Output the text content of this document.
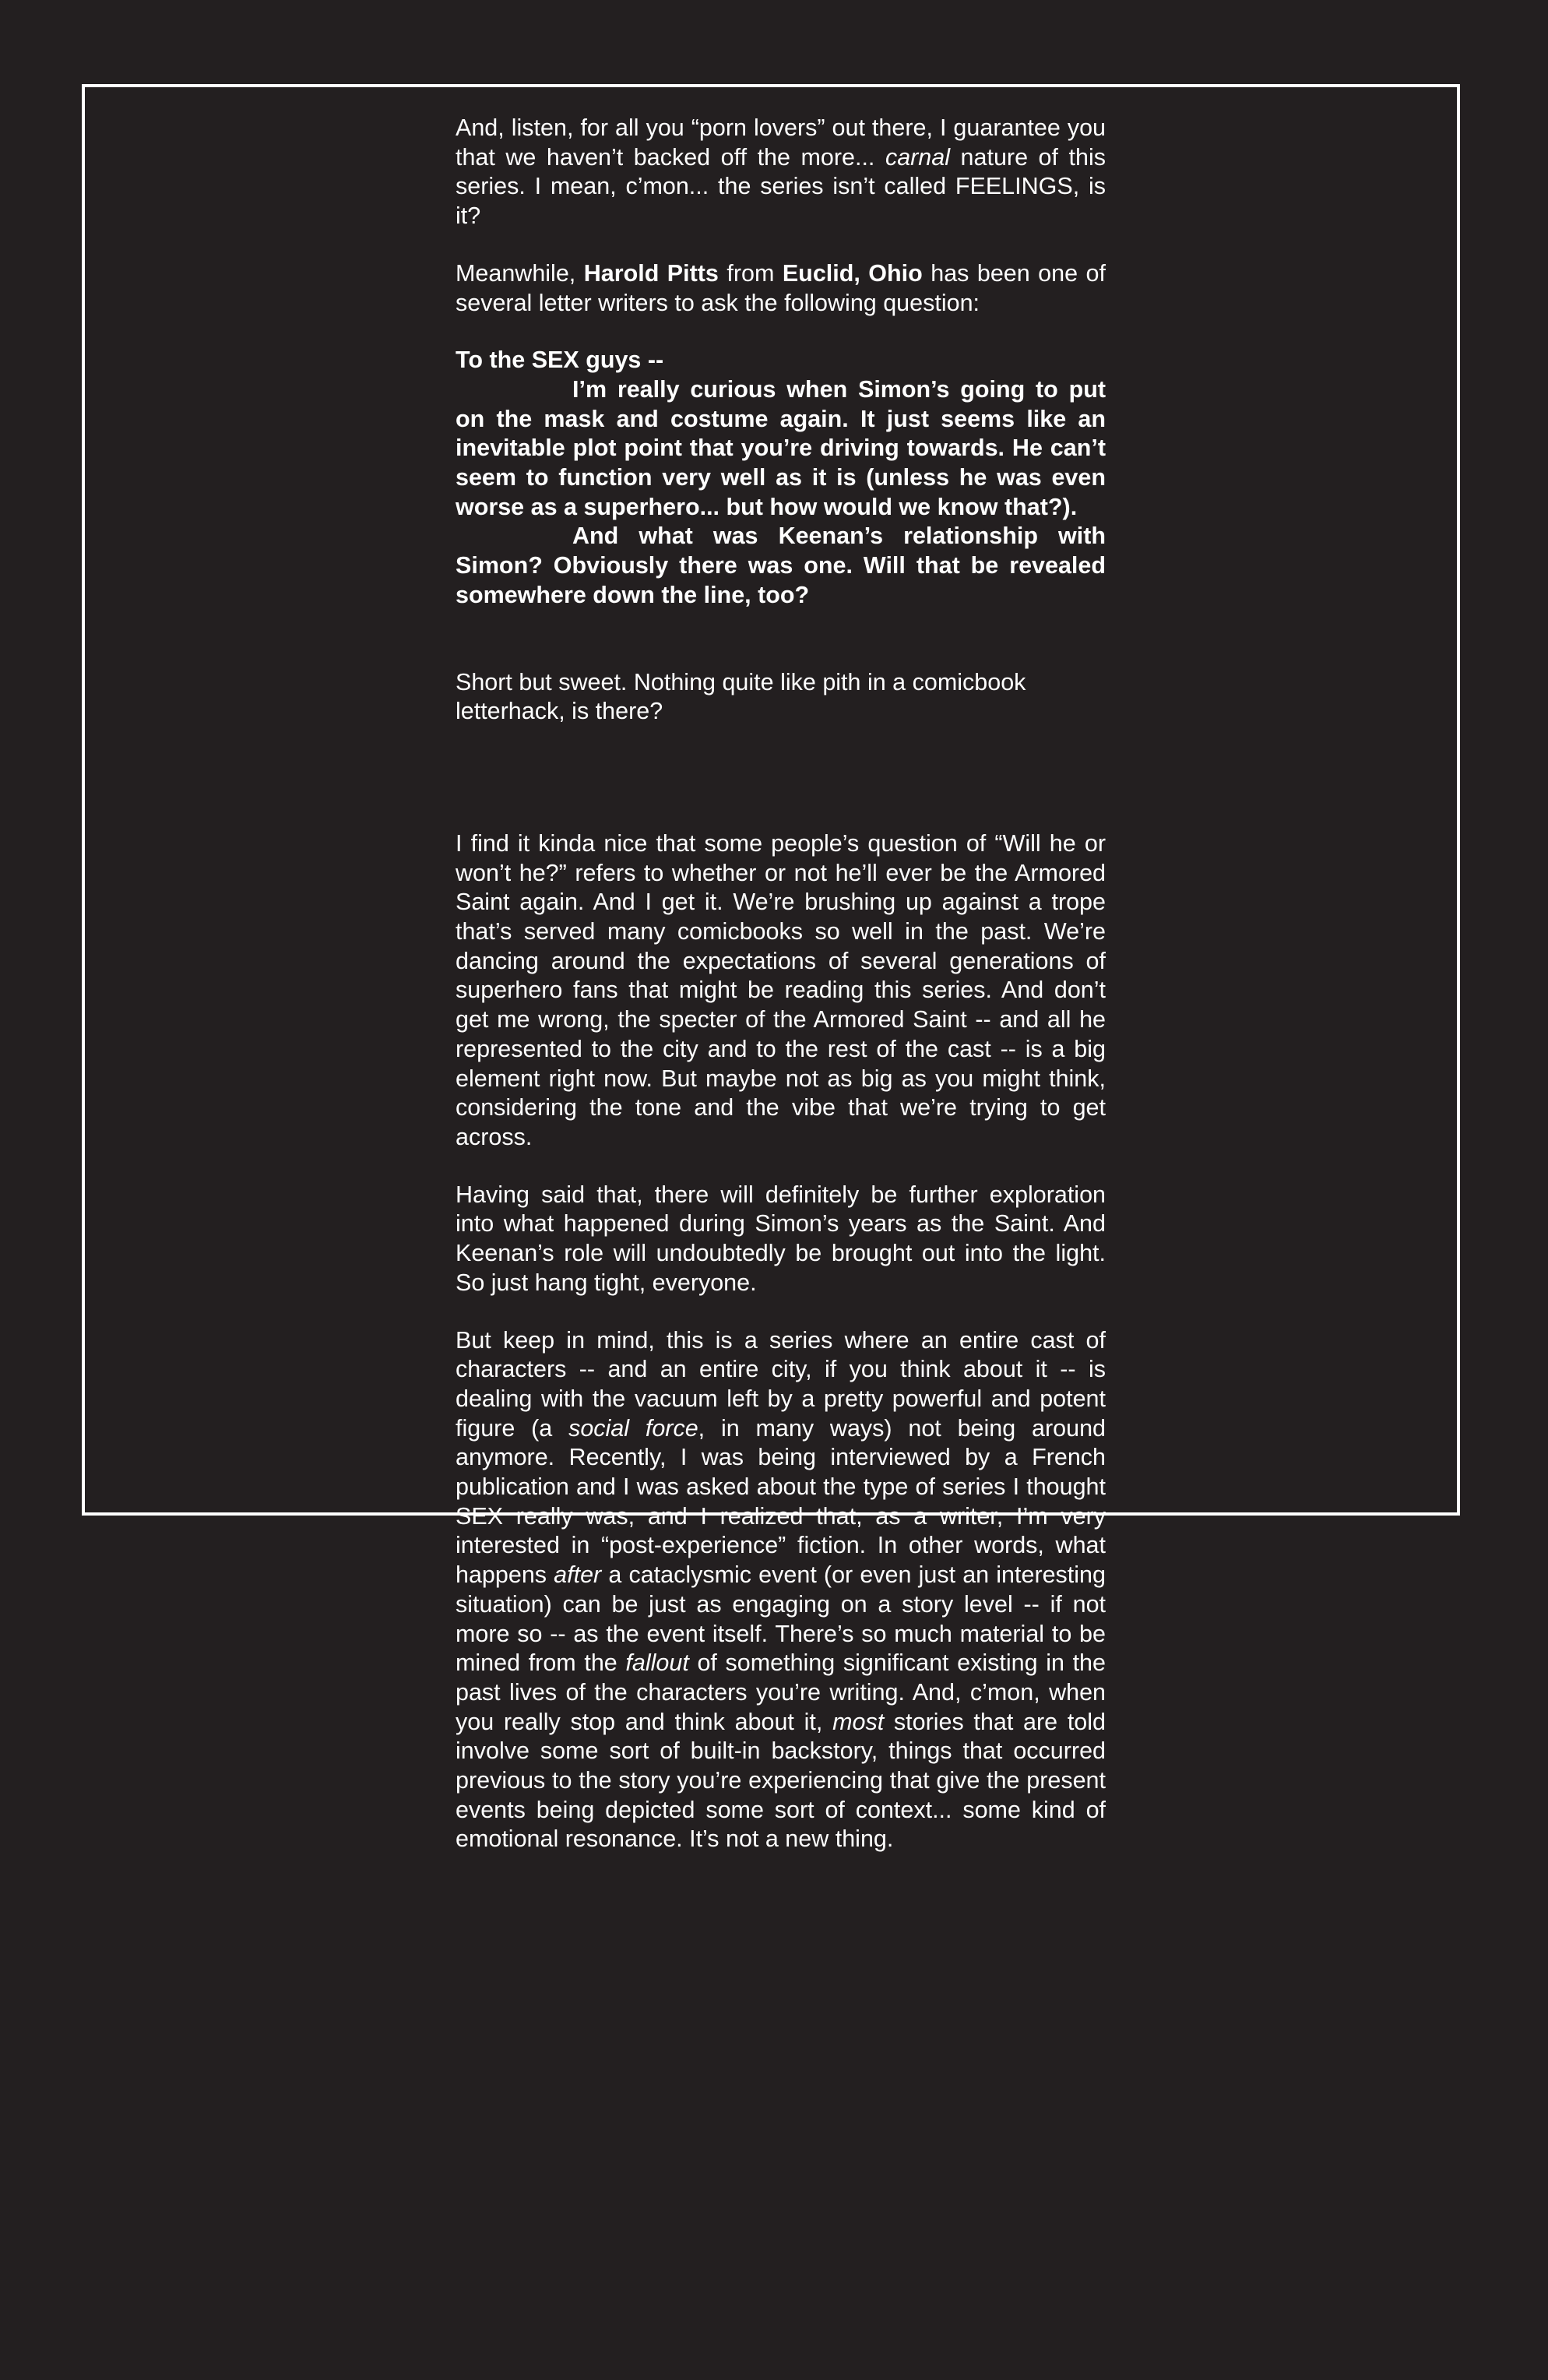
And, listen, for all you “porn lovers” out there, I guarantee you that we haven’t backed off the more... carnal nature of this series. I mean, c’mon... the series isn’t called FEELINGS, is it?

Meanwhile, Harold Pitts from Euclid, Ohio has been one of several letter writers to ask the following question:

To the SEX guys --

I’m really curious when Simon’s going to put on the mask and costume again. It just seems like an inevitable plot point that you’re driving towards. He can’t seem to function very well as it is (unless he was even worse as a superhero... but how would we know that?).

And what was Keenan’s relationship with Simon? Obviously there was one. Will that be revealed somewhere down the line, too?

Short but sweet. Nothing quite like pith in a comicbook letterhack, is there?

I find it kinda nice that some people’s question of “Will he or won’t he?” refers to whether or not he’ll ever be the Armored Saint again. And I get it. We’re brushing up against a trope that’s served many comicbooks so well in the past. We’re dancing around the expectations of several generations of superhero fans that might be reading this series. And don’t get me wrong, the specter of the Armored Saint -- and all he represented to the city and to the rest of the cast -- is a big element right now. But maybe not as big as you might think, considering the tone and the vibe that we’re trying to get across.

Having said that, there will definitely be further exploration into what happened during Simon’s years as the Saint. And Keenan’s role will undoubtedly be brought out into the light. So just hang tight, everyone.

But keep in mind, this is a series where an entire cast of characters -- and an entire city, if you think about it -- is dealing with the vacuum left by a pretty powerful and potent figure (a social force, in many ways) not being around anymore. Recently, I was being interviewed by a French publication and I was asked about the type of series I thought SEX really was, and I realized that, as a writer, I’m very interested in “post-experience” fiction. In other words, what happens after a cataclysmic event (or even just an interesting situation) can be just as engaging on a story level -- if not more so -- as the event itself. There’s so much material to be mined from the fallout of something significant existing in the past lives of the characters you’re writing. And, c’mon, when you really stop and think about it, most stories that are told involve some sort of built-in backstory, things that occurred previous to the story you’re experiencing that give the present events being depicted some sort of context... some kind of emotional resonance. It’s not a new thing.
